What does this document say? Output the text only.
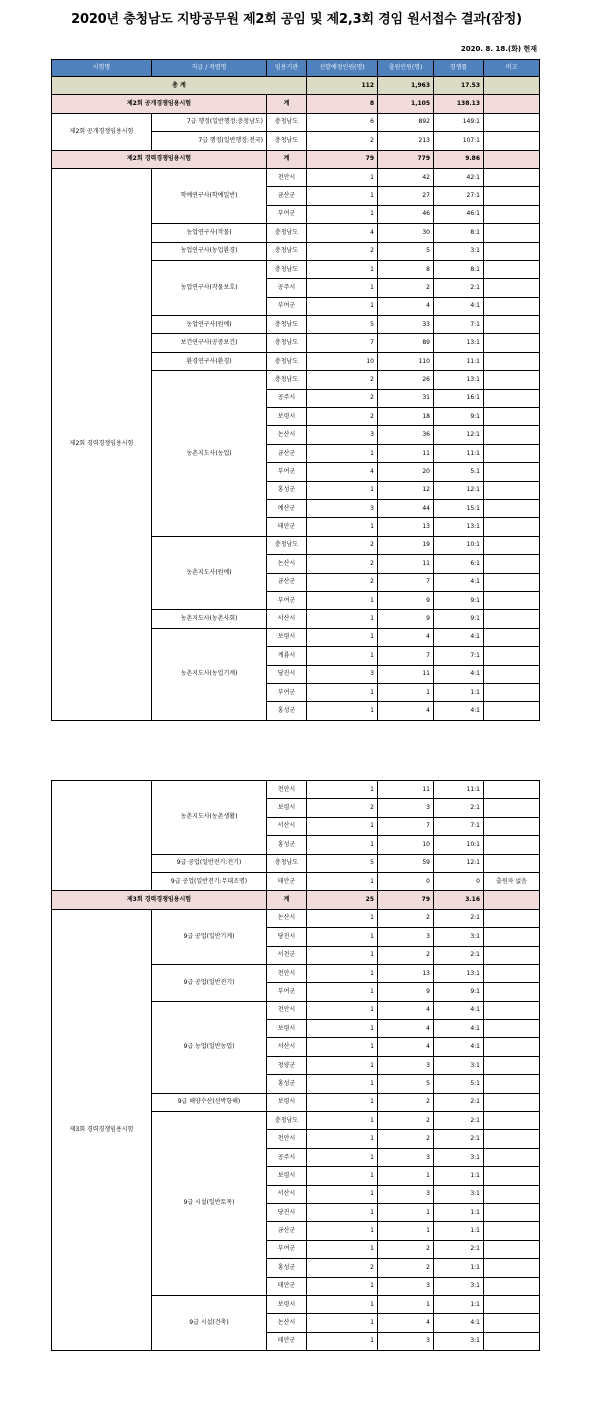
2020년 충청남도 지방공무원 제2회 공임 및 제2,3회 경임 원서접수 결과(잠정)
2020. 8. 18.(화) 현재
시험명	직급 / 직렬명	임용기관	선발예정인원(명)	출원인원(명)	경쟁률	비고
총 계			112	1,963	17.53	
제2회 공개경쟁임용시험		계	8	1,105	138.13	
제2회 공개경쟁임용시험	7급 행정(일반행정:충청남도)	충청남도	6	892	149:1	
	7급 행정(일반행정:전국)	충청남도	2	213	107:1	
제2회 경력경쟁임용시험		계	79	779	9.86	
제2회 경력경쟁임용시험	학예연구사(학예일반)	천안시	1	42	42:1	
		금산군	1	27	27:1	
		부여군	1	46	46:1	
	농업연구사(작물)	충청남도	4	30	8:1	
	농업연구사(농업환경)	충청남도	2	5	3:1	
	농업연구사(작물보호)	충청남도	1	8	8:1	
		공주시	1	2	2:1	
		부여군	1	4	4:1	
	농업연구사(원예)	충청남도	5	33	7:1	
	보건연구사(공중보건)	충청남도	7	89	13:1	
	환경연구사(환경)	충청남도	10	110	11:1	
	농촌지도사(농업)	충청남도	2	26	13:1	
		공주시	2	31	16:1	
		보령시	2	18	9:1	
		논산시	3	36	12:1	
		금산군	1	11	11:1	
		부여군	4	20	5:1	
		홍성군	1	12	12:1	
		예산군	3	44	15:1	
		태안군	1	13	13:1	
	농촌지도사(원예)	충청남도	2	19	10:1	
		논산시	2	11	6:1	
		금산군	2	7	4:1	
		부여군	1	9	9:1	
	농촌지도사(농촌사회)	서산시	1	9	9:1	
	농촌지도사(농업기계)	보령시	1	4	4:1	
		계룡시	1	7	7:1	
		당진시	3	11	4:1	
		부여군	1	1	1:1	
		홍성군	1	4	4:1	
	농촌지도사(농촌생활)	천안시	1	11	11:1	
		보령시	2	3	2:1	
		서산시	1	7	7:1	
		홍성군	1	10	10:1	
	9급 공업(일반전기:전기)	충청남도	5	59	12:1	
	9급 공업(일반전기:무대조명)	태안군	1	0	0	출원자 없음
제3회 경력경쟁임용시험		계	25	79	3.16	
제3회 경력경쟁임용시험	9급 공업(일반기계)	논산시	1	2	2:1	
		당진시	1	3	3:1	
		서천군	1	2	2:1	
	9급 공업(일반전기)	천안시	1	13	13:1	
		부여군	1	9	9:1	
	9급 농업(일반농업)	천안시	1	4	4:1	
		보령시	1	4	4:1	
		서산시	1	4	4:1	
		청양군	1	3	3:1	
		홍성군	1	5	5:1	
	9급 해양수산(선박항해)	보령시	1	2	2:1	
	9급 시설(일반토목)	충청남도	1	2	2:1	
		천안시	1	2	2:1	
		공주시	1	3	3:1	
		보령시	1	1	1:1	
		서산시	1	3	3:1	
		당진시	1	1	1:1	
		금산군	1	1	1:1	
		부여군	1	2	2:1	
		홍성군	2	2	1:1	
		태안군	1	3	3:1	
	9급 시설(건축)	보령시	1	1	1:1	
		논산시	1	4	4:1	
		태안군	1	3	3:1	
